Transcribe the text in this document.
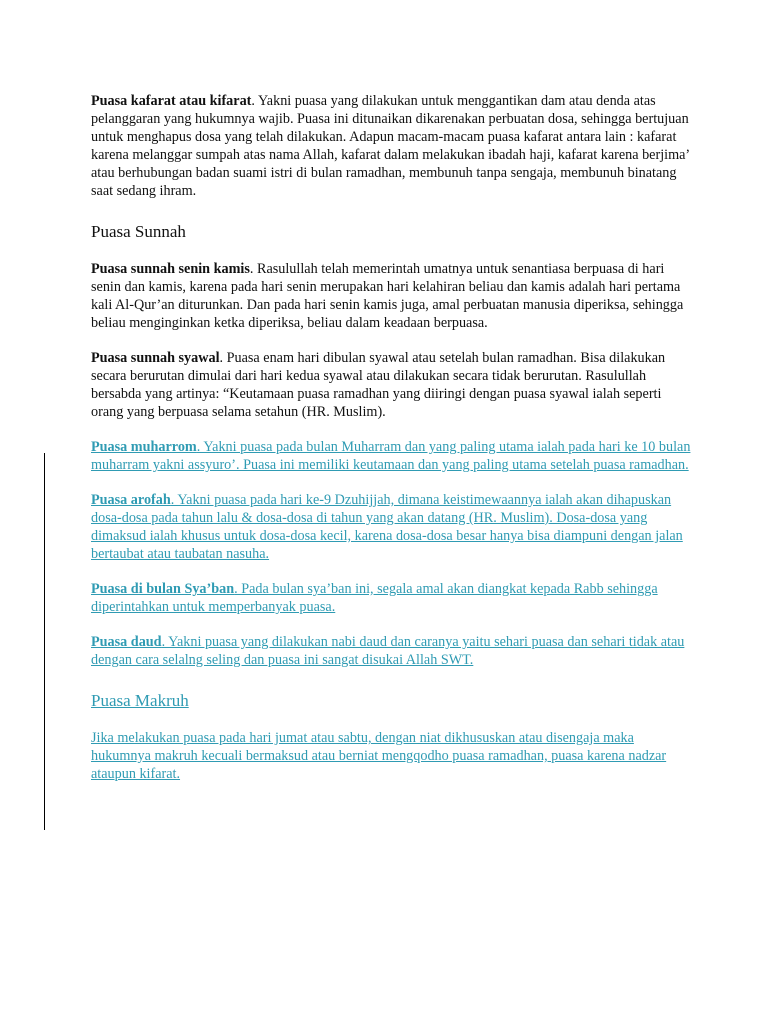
Puasa kafarat atau kifarat. Yakni puasa yang dilakukan untuk menggantikan dam atau denda atas pelanggaran yang hukumnya wajib. Puasa ini ditunaikan dikarenakan perbuatan dosa, sehingga bertujuan untuk menghapus dosa yang telah dilakukan. Adapun macam-macam puasa kafarat antara lain : kafarat karena melanggar sumpah atas nama Allah, kafarat dalam melakukan ibadah haji, kafarat karena berjima’ atau berhubungan badan suami istri di bulan ramadhan, membunuh tanpa sengaja, membunuh binatang saat sedang ihram.

Puasa Sunnah

Puasa sunnah senin kamis. Rasulullah telah memerintah umatnya untuk senantiasa berpuasa di hari senin dan kamis, karena pada hari senin merupakan hari kelahiran beliau dan kamis adalah hari pertama kali Al-Qur’an diturunkan. Dan pada hari senin kamis juga, amal perbuatan manusia diperiksa, sehingga beliau menginginkan ketka diperiksa, beliau dalam keadaan berpuasa.

Puasa sunnah syawal. Puasa enam hari dibulan syawal atau setelah bulan ramadhan. Bisa dilakukan secara berurutan dimulai dari hari kedua syawal atau dilakukan secara tidak berurutan. Rasulullah bersabda yang artinya: “Keutamaan puasa ramadhan yang diiringi dengan puasa syawal ialah seperti orang yang berpuasa selama setahun (HR. Muslim).

Puasa muharrom. Yakni puasa pada bulan Muharram dan yang paling utama ialah pada hari ke 10 bulan muharram yakni assyuro’. Puasa ini memiliki keutamaan dan yang paling utama setelah puasa ramadhan.

Puasa arofah. Yakni puasa pada hari ke-9 Dzuhijjah, dimana keistimewaannya ialah akan dihapuskan dosa-dosa pada tahun lalu & dosa-dosa di tahun yang akan datang (HR. Muslim). Dosa-dosa yang dimaksud ialah khusus untuk dosa-dosa kecil, karena dosa-dosa besar hanya bisa diampuni dengan jalan bertaubat atau taubatan nasuha.

Puasa di bulan Sya’ban. Pada bulan sya’ban ini, segala amal akan diangkat kepada Rabb sehingga diperintahkan untuk memperbanyak puasa.

Puasa daud. Yakni puasa yang dilakukan nabi daud dan caranya yaitu sehari puasa dan sehari tidak atau dengan cara selalng seling dan puasa ini sangat disukai Allah SWT.

Puasa Makruh

Jika melakukan puasa pada hari jumat atau sabtu, dengan niat dikhususkan atau disengaja maka hukumnya makruh kecuali bermaksud atau berniat mengqodho puasa ramadhan, puasa karena nadzar ataupun kifarat.
